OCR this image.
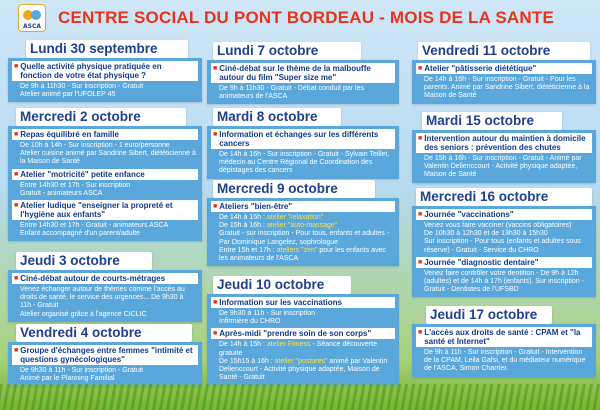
ASCA CENTRE SOCIAL DU PONT BORDEAU - MOIS DE LA SANTE
Lundi 30 septembre
■ Quelle activité physique pratiquée en fonction de votre état physique ?
De 9h à 11h30 - Sur inscription - Gratuit
Atelier animé par l'UFOLEP 45
Mercredi 2 octobre
■ Repas équilibré en famille
De 10h à 14h - Sur inscription - 1 euro/personne
Atelier cuisine animé par Sandrine Sibert, diététicienne à la Maison de Santé
■ Atelier "motricité" petite enfance
Entre 14h30 et 17h - Sur inscription
Gratuit - animateurs ASCA
■ Atelier ludique "enseigner la propreté et l'hygiène aux enfants"
Entre 14h30 et 17h - Gratuit - animateurs ASCA
Enfant accompagné d'un parent/adulte
Jeudi 3 octobre
■ Ciné-débat autour de courts-métrages
Venez échanger autour de thèmes comme l'accès au droits de santé, le service des urgences... De 9h30 à 11h - Gratuit
Atelier organisé grâce à l'agence CICLIC
Vendredi 4 octobre
■ Groupe d'échanges entre femmes "intimité et questions gynécologiques"
De 9h30 à 11h - Sur inscription - Gratuit
Animé par le Planning Familial
Lundi 7 octobre
■ Ciné-débat sur le thème de la malbouffe autour du film "Super size me"
De 9h à 11h30 - Gratuit - Débat conduit par les animateurs de l'ASCA
Mardi 8 octobre
■ Information et échanges sur les différents cancers
De 14h à 16h - Sur inscription - Gratuit - Sylvain Teillet, médecin au Centre Régional de Coordination des dépistages des cancers
Mercredi 9 octobre
■ Ateliers "bien-être"
De 14h à 15h : atelier "relaxation"
De 15h à 16h : atelier "auto-massage"
Gratuit - sur inscription - Pour tous, enfants et adultes - Par Dominique Langelez, sophrologue
Entre 15h et 17h : ateliers "zen" pour les enfants avec les animateurs de l'ASCA
Jeudi 10 octobre
■ Information sur les vaccinations
De 9h30 à 11h - Sur inscription
Infirmière du CHRO
■ Après-midi "prendre soin de son corps"
De 14h à 15h : atelier Fitness - Séance découverte gratuite
De 15h15 à 16h : atelier "postures" animé par Valentin Delienccourt - Activité physique adaptée, Maison de Santé - Gratuit
Vendredi 11 octobre
■ Atelier "pâtisserie diététique"
De 14h à 16h - Sur inscription - Gratuit - Pour les parents. Animé par Sandrine Sibert, diététicienne à la Maison de Santé
Mardi 15 octobre
■ Intervention autour du maintien à domicile des seniors : prévention des chutes
De 15h à 16h - Sur inscription - Gratuit - Animé par Valentin Delienccourt - Activité physique adaptée, Maison de Santé
Mercredi 16 octobre
■ Journée "vaccinations"
Venez vous faire vacciner (vaccins obligatoires)
De 10h30 à 12h30 et de 13h30 à 15h30
Sur inscription - Pour tous (enfants et adultes sous réserve) - Gratuit - Service du CHRO
■ Journée "diagnostic dentaire"
Venez faire contrôler votre dentition - De 9h à 12h (adultes) et de 14h à 17h (enfants). Sur inscription - Gratuit - Dentistes de l'UFSBD
Jeudi 17 octobre
■ L'accès aux droits de santé : CPAM et "la santé et Internet"
De 9h à 11h - Sur inscription - Gratuit - Intervention de la CPAM, Leila Gafsi, et du médiateur numérique de l'ASCA, Simon Charrier.
